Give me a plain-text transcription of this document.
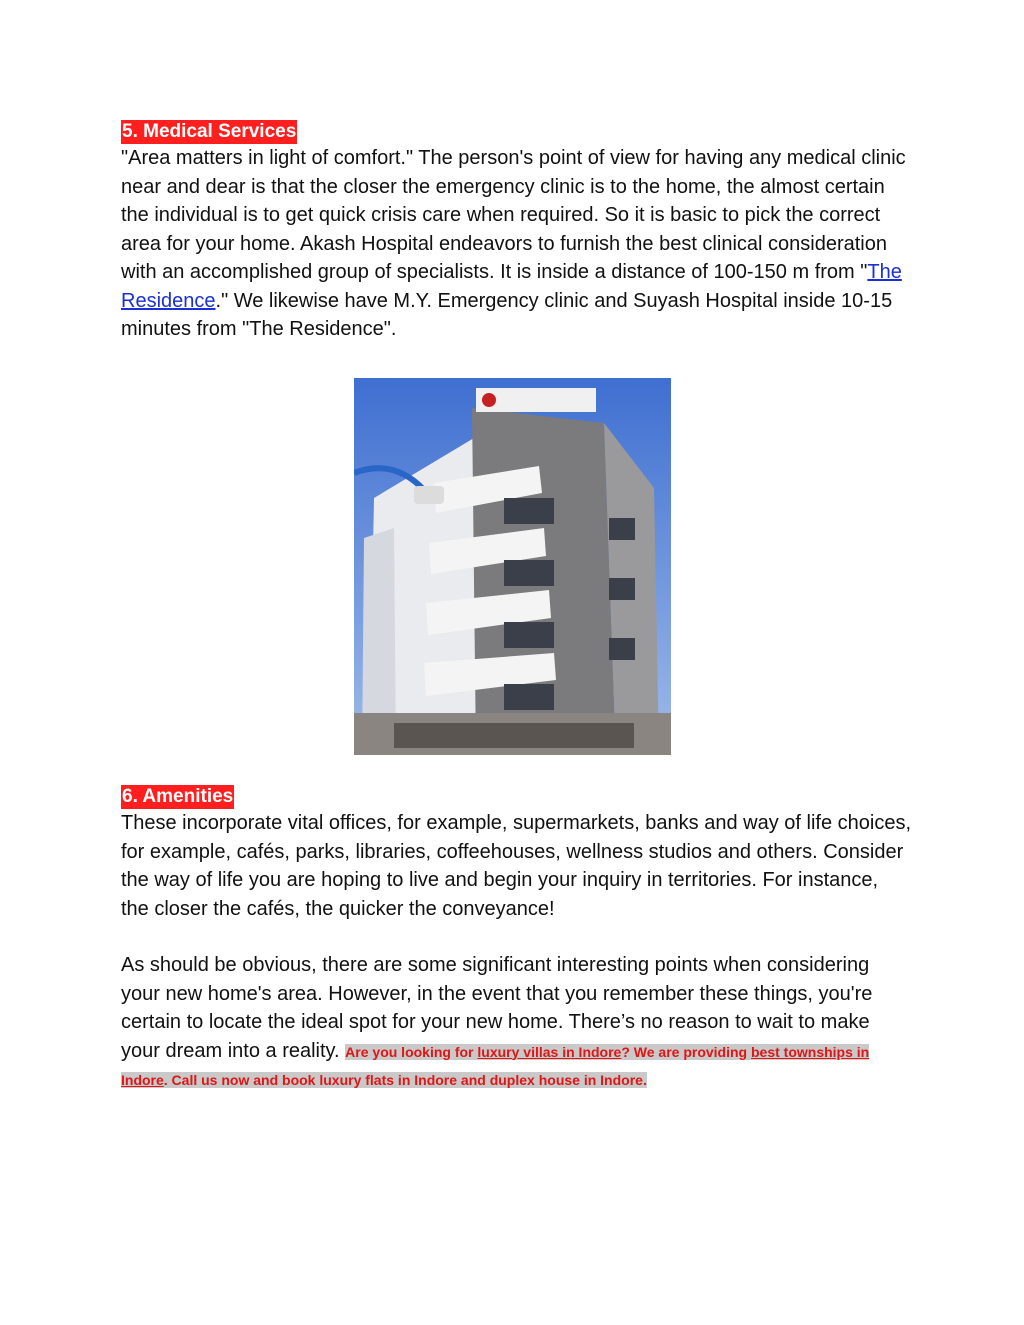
5. Medical Services

"Area matters in light of comfort." The person's point of view for having any medical clinic near and dear is that the closer the emergency clinic is to the home, the almost certain the individual is to get quick crisis care when required. So it is basic to pick the correct area for your home. Akash Hospital endeavors to furnish the best clinical consideration with an accomplished group of specialists. It is inside a distance of 100-150 m from "The Residence." We likewise have M.Y. Emergency clinic and Suyash Hospital inside 10-15 minutes from "The Residence".

6. Amenities

These incorporate vital offices, for example, supermarkets, banks and way of life choices, for example, cafés, parks, libraries, coffeehouses, wellness studios and others. Consider the way of life you are hoping to live and begin your inquiry in territories. For instance, the closer the cafés, the quicker the conveyance!

As should be obvious, there are some significant interesting points when considering your new home's area. However, in the event that you remember these things, you're certain to locate the ideal spot for your new home. There’s no reason to wait to make your dream into a reality. Are you looking for luxury villas in Indore? We are providing best townships in Indore. Call us now and book luxury flats in Indore and duplex house in Indore.
